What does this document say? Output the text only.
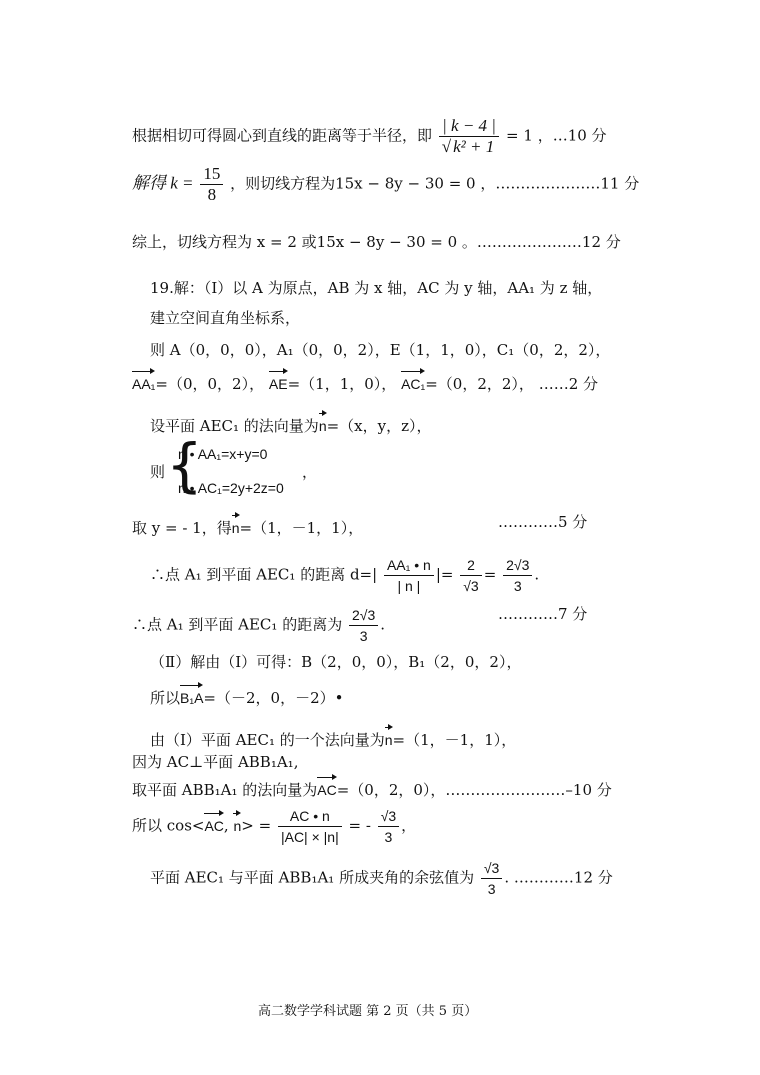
根据相切可得圆心到直线的距离等于半径，即 $\frac{| k - 4 |}{\text{√ k² + 1}} = 1$ ，…10 分
解得 $k = \frac{15}{8}$ ，则切线方程为15x − 8y − 30 = 0 ，…………………11 分
综上，切线方程为 x = 2 或15x − 8y − 30 = 0 。…………………12 分
19.解：（I）以 A 为原点，AB 为 x 轴，AC 为 y 轴，AA₁ 为 z 轴，
建立空间直角坐标系，
则 A（0，0，0），A₁（0，0，2），E（1，1，0），C₁（0，2，2），
AA₁=（0，0，2）， AE=（1，1，0）， AC₁=（0，2，2）， ……2 分
设平面 AEC₁ 的法向量为n=（x，y，z），
则 {
n • AA₁=x+y=0
n • AC₁=2y+2z=0
，
取 y = - 1，得n=（1，－1，1），	…………5 分
∴点 A₁ 到平面 AEC₁ 的距离 $d=| \frac{\text{AA₁ • n}}{| n |}$ |= $\frac{2}{√3} = \frac{2√3}{3}$ .
∴点 A₁ 到平面 AEC₁ 的距离为 $\frac{2√3}{3}$ .
…………7 分
（Ⅱ）解由（I）可得：B（2，0，0），B₁（2，0，2），
所以B₁A=（－2，0，－2）•
由（I）平面 AEC₁ 的一个法向量为n=（1，－1，1），
因为 AC⊥平面 ABB₁A₁,
取平面 ABB₁A₁ 的法向量为AC=（0，2，0），……………………–10 分
所以 cos<AC, $n> = \frac{AC • n}{|AC| \times |n|}$ = - $\frac{√3}{3}$ ，
平面 AEC₁ 与平面 ABB₁A₁ 所成夹角的余弦值为 $\frac{√3}{3}$ . …………12 分
高二数学学科试题 第 2 页（共 5 页）
